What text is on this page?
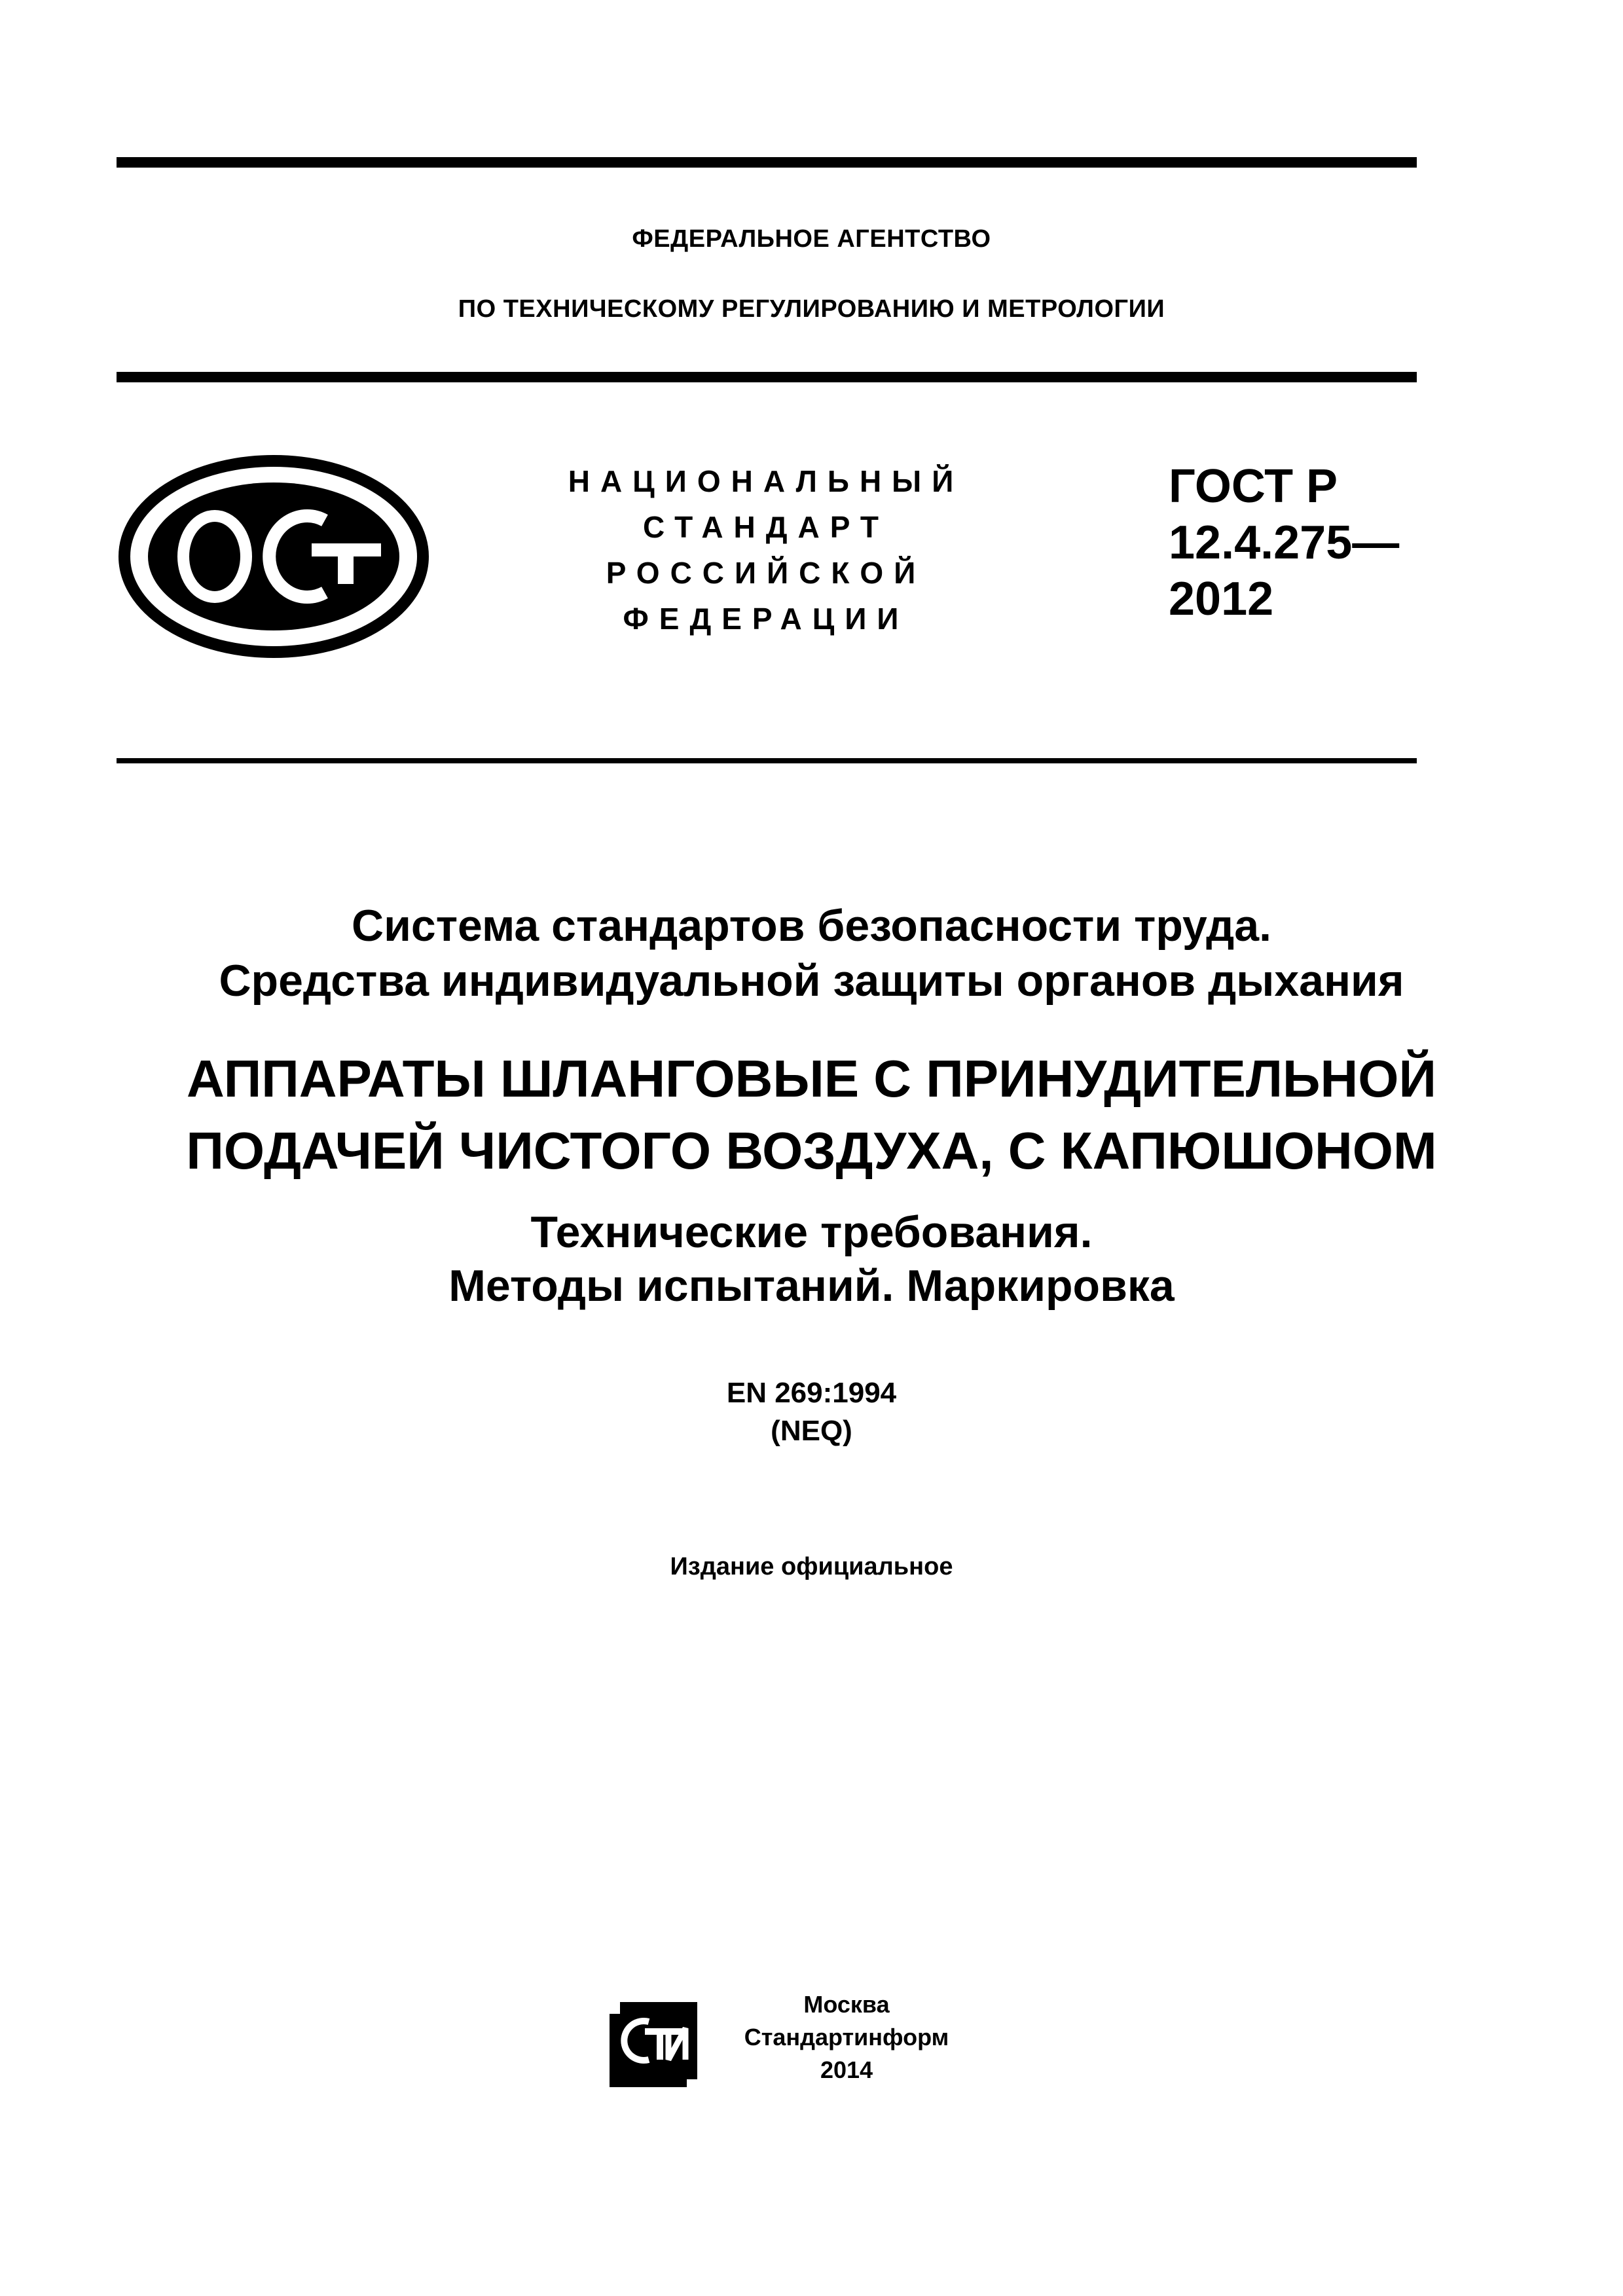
ФЕДЕРАЛЬНОЕ АГЕНТСТВО
ПО ТЕХНИЧЕСКОМУ РЕГУЛИРОВАНИЮ И МЕТРОЛОГИИ
НАЦИОНАЛЬНЫЙ
СТАНДАРТ
РОССИЙСКОЙ
ФЕДЕРАЦИИ
ГОСТ Р
12.4.275—
2012
Система стандартов безопасности труда.
Средства индивидуальной защиты органов дыхания
АППАРАТЫ ШЛАНГОВЫЕ С ПРИНУДИТЕЛЬНОЙ
ПОДАЧЕЙ ЧИСТОГО ВОЗДУХА, С КАПЮШОНОМ
Технические требования.
Методы испытаний. Маркировка
EN 269:1994
(NEQ)
Издание официальное
Москва
Стандартинформ
2014
